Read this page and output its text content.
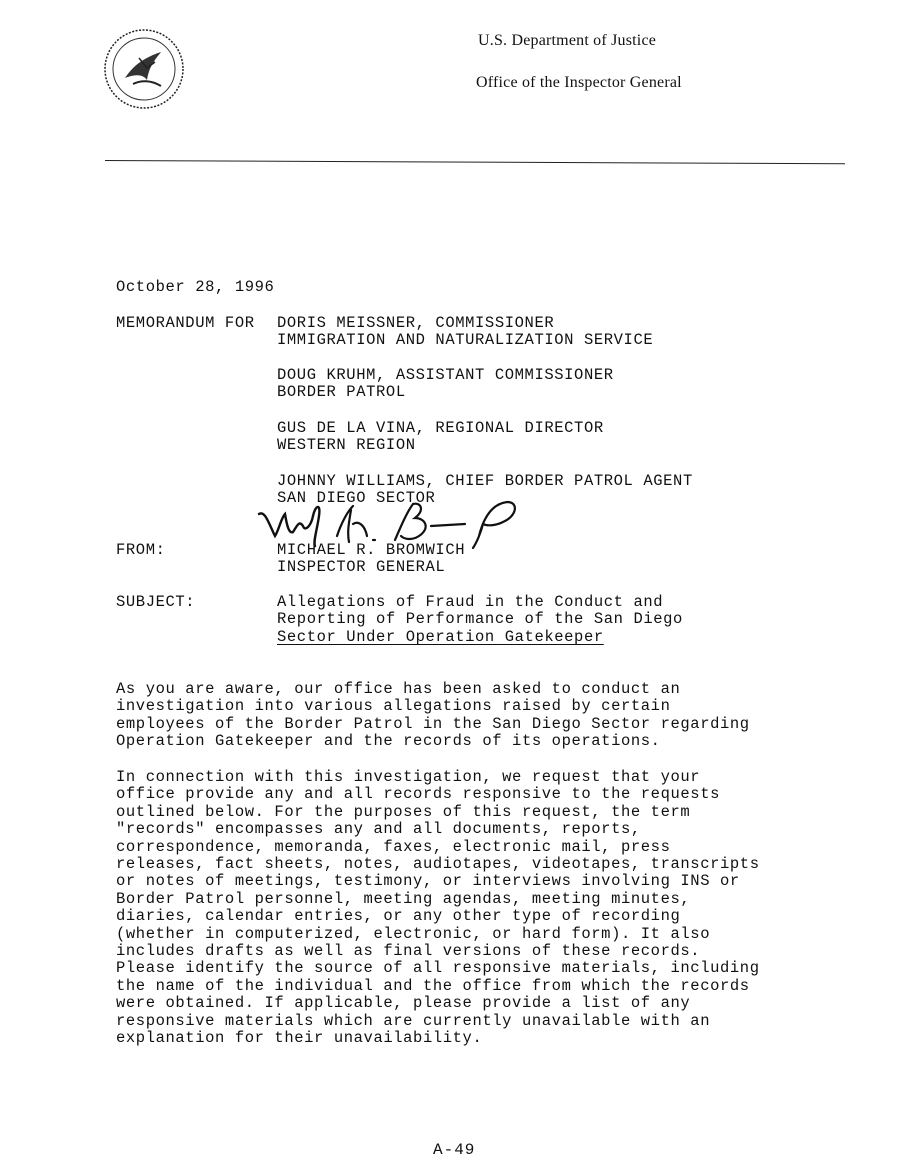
U.S. Department of Justice
Office of the Inspector General
October 28, 1996
MEMORANDUM FOR DORIS MEISSNER, COMMISSIONER
IMMIGRATION AND NATURALIZATION SERVICE
DOUG KRUHM, ASSISTANT COMMISSIONER
BORDER PATROL
GUS DE LA VINA, REGIONAL DIRECTOR
WESTERN REGION
JOHNNY WILLIAMS, CHIEF BORDER PATROL AGENT
SAN DIEGO SECTOR
FROM:	MICHAEL R. BROMWICH
INSPECTOR GENERAL
SUBJECT:	Allegations of Fraud in the Conduct and
Reporting of Performance of the San Diego
Sector Under Operation Gatekeeper
As you are aware, our office has been asked to conduct an
investigation into various allegations raised by certain
employees of the Border Patrol in the San Diego Sector regarding
Operation Gatekeeper and the records of its operations.
In connection with this investigation, we request that your
office provide any and all records responsive to the requests
outlined below. For the purposes of this request, the term
"records" encompasses any and all documents, reports,
correspondence, memoranda, faxes, electronic mail, press
releases, fact sheets, notes, audiotapes, videotapes, transcripts
or notes of meetings, testimony, or interviews involving INS or
Border Patrol personnel, meeting agendas, meeting minutes,
diaries, calendar entries, or any other type of recording
(whether in computerized, electronic, or hard form). It also
includes drafts as well as final versions of these records.
Please identify the source of all responsive materials, including
the name of the individual and the office from which the records
were obtained. If applicable, please provide a list of any
responsive materials which are currently unavailable with an
explanation for their unavailability.
A-49
